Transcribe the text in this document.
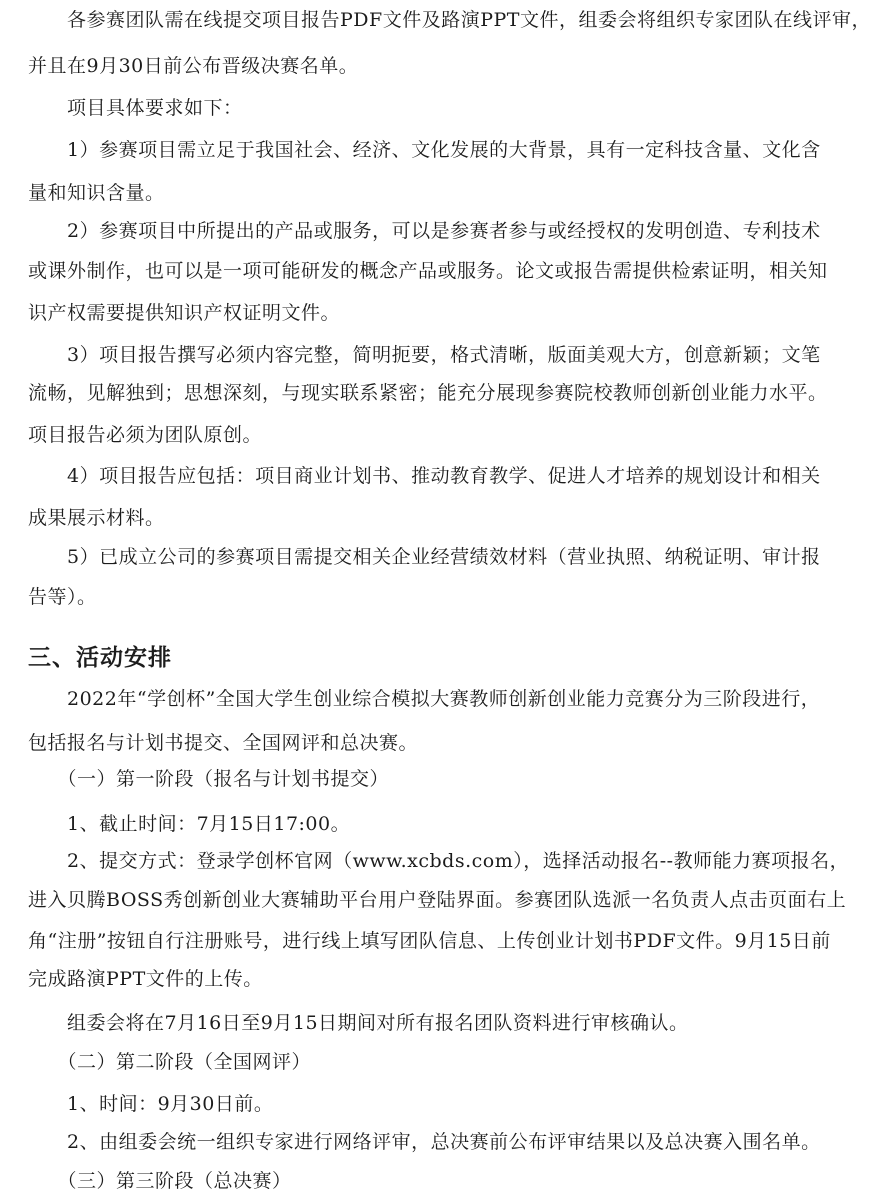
　　各参赛团队需在线提交项目报告PDF文件及路演PPT文件，组委会将组织专家团队在线评审，
并且在9月30日前公布晋级决赛名单。
　　项目具体要求如下：
　　1）参赛项目需立足于我国社会、经济、文化发展的大背景，具有一定科技含量、文化含
量和知识含量。
　　2）参赛项目中所提出的产品或服务，可以是参赛者参与或经授权的发明创造、专利技术
或课外制作，也可以是一项可能研发的概念产品或服务。论文或报告需提供检索证明，相关知
识产权需要提供知识产权证明文件。
　　3）项目报告撰写必须内容完整，简明扼要，格式清晰，版面美观大方，创意新颖；文笔
流畅，见解独到；思想深刻，与现实联系紧密；能充分展现参赛院校教师创新创业能力水平。
项目报告必须为团队原创。
　　4）项目报告应包括：项目商业计划书、推动教育教学、促进人才培养的规划设计和相关
成果展示材料。
　　5）已成立公司的参赛项目需提交相关企业经营绩效材料（营业执照、纳税证明、审计报
告等）。
三、活动安排
　　2022年“学创杯”全国大学生创业综合模拟大赛教师创新创业能力竞赛分为三阶段进行，
包括报名与计划书提交、全国网评和总决赛。
　　（一）第一阶段（报名与计划书提交）
　　1、截止时间：7月15日17:00。
　　2、提交方式：登录学创杯官网（www.xcbds.com），选择活动报名--教师能力赛项报名，
进入贝腾BOSS秀创新创业大赛辅助平台用户登陆界面。参赛团队选派一名负责人点击页面右上
角“注册”按钮自行注册账号，进行线上填写团队信息、上传创业计划书PDF文件。9月15日前
完成路演PPT文件的上传。
　　组委会将在7月16日至9月15日期间对所有报名团队资料进行审核确认。
　　（二）第二阶段（全国网评）
　　1、时间：9月30日前。
　　2、由组委会统一组织专家进行网络评审，总决赛前公布评审结果以及总决赛入围名单。
　　（三）第三阶段（总决赛）
